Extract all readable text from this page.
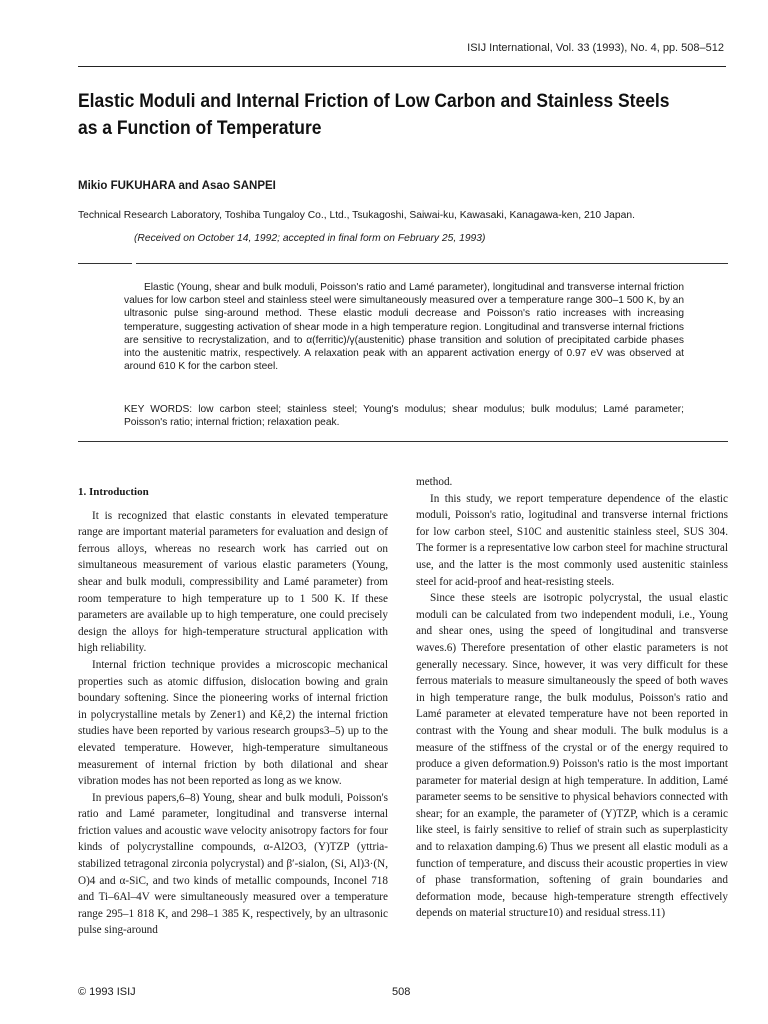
ISIJ International, Vol. 33 (1993), No. 4, pp. 508–512
Elastic Moduli and Internal Friction of Low Carbon and Stainless Steels as a Function of Temperature
Mikio FUKUHARA and Asao SANPEI
Technical Research Laboratory, Toshiba Tungaloy Co., Ltd., Tsukagoshi, Saiwai-ku, Kawasaki, Kanagawa-ken, 210 Japan.
(Received on October 14, 1992; accepted in final form on February 25, 1993)

Elastic (Young, shear and bulk moduli, Poisson's ratio and Lamé parameter), longitudinal and transverse internal friction values for low carbon steel and stainless steel were simultaneously measured over a temperature range 300–1 500 K, by an ultrasonic pulse sing-around method. These elastic moduli decrease and Poisson's ratio increases with increasing temperature, suggesting activation of shear mode in a high temperature region. Longitudinal and transverse internal frictions are sensitive to recrystalization, and to α(ferritic)/γ(austenitic) phase transition and solution of precipitated carbide phases into the austenitic matrix, respectively. A relaxation peak with an apparent activation energy of 0.97 eV was observed at around 610 K for the carbon steel.

KEY WORDS: low carbon steel; stainless steel; Young's modulus; shear modulus; bulk modulus; Lamé parameter; Poisson's ratio; internal friction; relaxation peak.

1. Introduction

It is recognized that elastic constants in elevated temperature range are important material parameters for evaluation and design of ferrous alloys, whereas no research work has carried out on simultaneous measurement of various elastic parameters (Young, shear and bulk moduli, compressibility and Lamé parameter) from room temperature to high temperature up to 1 500 K. If these parameters are available up to high temperature, one could precisely design the alloys for high-temperature structural application with high reliability.

Internal friction technique provides a microscopic mechanical properties such as atomic diffusion, dislocation bowing and grain boundary softening. Since the pioneering works of internal friction in polycrystalline metals by Zener1) and Kê,2) the internal friction studies have been reported by various research groups3–5) up to the elevated temperature. However, high-temperature simultaneous measurement of internal friction by both dilational and shear vibration modes has not been reported as long as we know.

In previous papers,6–8) Young, shear and bulk moduli, Poisson's ratio and Lamé parameter, longitudinal and transverse internal friction values and acoustic wave velocity anisotropy factors for four kinds of polycrystalline compounds, α-Al2O3, (Y)TZP (yttria-stabilized tetragonal zirconia polycrystal) and β′-sialon, (Si, Al)3·(N, O)4 and α-SiC, and two kinds of metallic compounds, Inconel 718 and Ti–6Al–4V were simultaneously measured over a temperature range 295–1 818 K, and 298–1 385 K, respectively, by an ultrasonic pulse sing-around

method.

In this study, we report temperature dependence of the elastic moduli, Poisson's ratio, logitudinal and transverse internal frictions for low carbon steel, S10C and austenitic stainless steel, SUS 304. The former is a representative low carbon steel for machine structural use, and the latter is the most commonly used austenitic stainless steel for acid-proof and heat-resisting steels.

Since these steels are isotropic polycrystal, the usual elastic moduli can be calculated from two independent moduli, i.e., Young and shear ones, using the speed of longitudinal and transverse waves.6) Therefore presentation of other elastic parameters is not generally necessary. Since, however, it was very difficult for these ferrous materials to measure simultaneously the speed of both waves in high temperature range, the bulk modulus, Poisson's ratio and Lamé parameter at elevated temperature have not been reported in contrast with the Young and shear moduli. The bulk modulus is a measure of the stiffness of the crystal or of the energy required to produce a given deformation.9) Poisson's ratio is the most important parameter for material design at high temperature. In addition, Lamé parameter seems to be sensitive to physical behaviors connected with shear; for an example, the parameter of (Y)TZP, which is a ceramic like steel, is fairly sensitive to relief of strain such as superplasticity and to relaxation damping.6) Thus we present all elastic moduli as a function of temperature, and discuss their acoustic properties in view of phase transformation, softening of grain boundaries and deformation mode, because high-temperature strength effectively depends on material structure10) and residual stress.11)

© 1993 ISIJ	508
